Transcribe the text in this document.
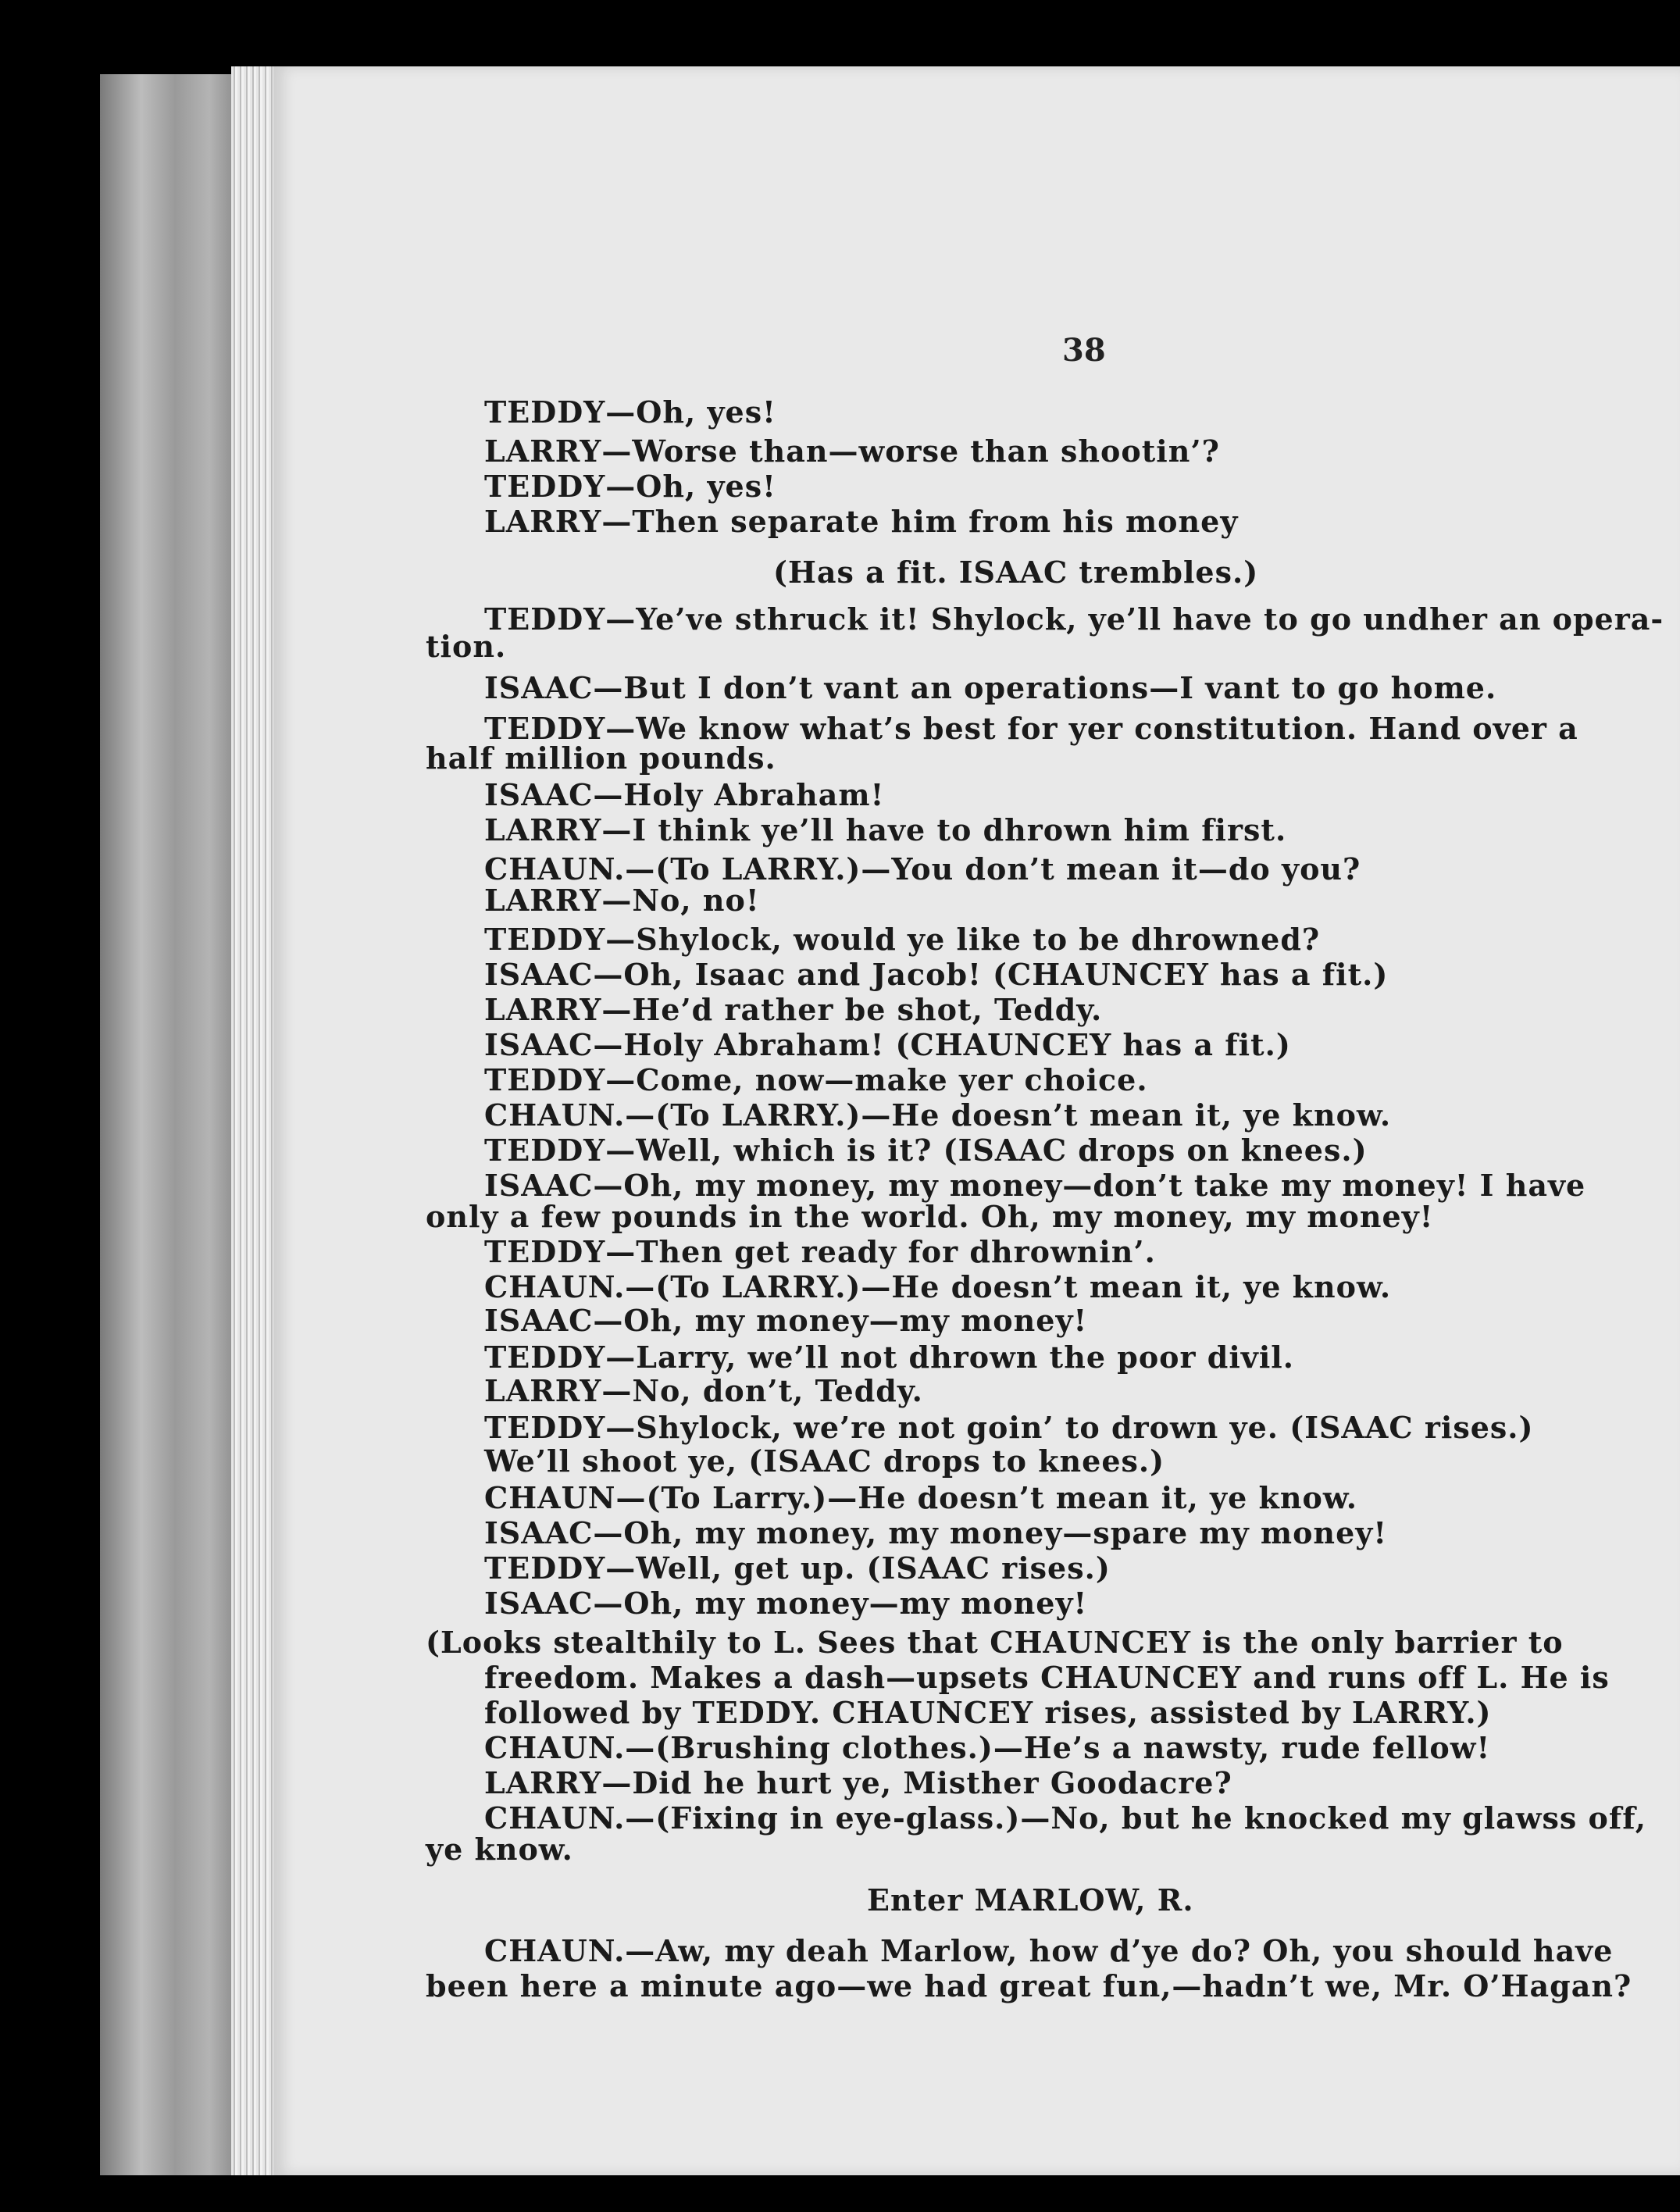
38
TEDDY—Oh, yes!
LARRY—Worse than—worse than shootin’?
TEDDY—Oh, yes!
LARRY—Then separate him from his money
(Has a fit. ISAAC trembles.)
TEDDY—Ye’ve sthruck it! Shylock, ye’ll have to go undher an opera-
tion.
ISAAC—But I don’t vant an operations—I vant to go home.
TEDDY—We know what’s best for yer constitution. Hand over a
half million pounds.
ISAAC—Holy Abraham!
LARRY—I think ye’ll have to dhrown him first.
CHAUN.—(To LARRY.)—You don’t mean it—do you?
LARRY—No, no!
TEDDY—Shylock, would ye like to be dhrowned?
ISAAC—Oh, Isaac and Jacob! (CHAUNCEY has a fit.)
LARRY—He’d rather be shot, Teddy.
ISAAC—Holy Abraham! (CHAUNCEY has a fit.)
TEDDY—Come, now—make yer choice.
CHAUN.—(To LARRY.)—He doesn’t mean it, ye know.
TEDDY—Well, which is it? (ISAAC drops on knees.)
ISAAC—Oh, my money, my money—don’t take my money! I have
only a few pounds in the world. Oh, my money, my money!
TEDDY—Then get ready for dhrownin’.
CHAUN.—(To LARRY.)—He doesn’t mean it, ye know.
ISAAC—Oh, my money—my money!
TEDDY—Larry, we’ll not dhrown the poor divil.
LARRY—No, don’t, Teddy.
TEDDY—Shylock, we’re not goin’ to drown ye. (ISAAC rises.)
We’ll shoot ye, (ISAAC drops to knees.)
CHAUN—(To Larry.)—He doesn’t mean it, ye know.
ISAAC—Oh, my money, my money—spare my money!
TEDDY—Well, get up. (ISAAC rises.)
ISAAC—Oh, my money—my money!
(Looks stealthily to L. Sees that CHAUNCEY is the only barrier to
freedom. Makes a dash—upsets CHAUNCEY and runs off L. He is
followed by TEDDY. CHAUNCEY rises, assisted by LARRY.)
CHAUN.—(Brushing clothes.)—He’s a nawsty, rude fellow!
LARRY—Did he hurt ye, Misther Goodacre?
CHAUN.—(Fixing in eye-glass.)—No, but he knocked my glawss off,
ye know.
Enter MARLOW, R.
CHAUN.—Aw, my deah Marlow, how d’ye do? Oh, you should have
been here a minute ago—we had great fun,—hadn’t we, Mr. O’Hagan?
